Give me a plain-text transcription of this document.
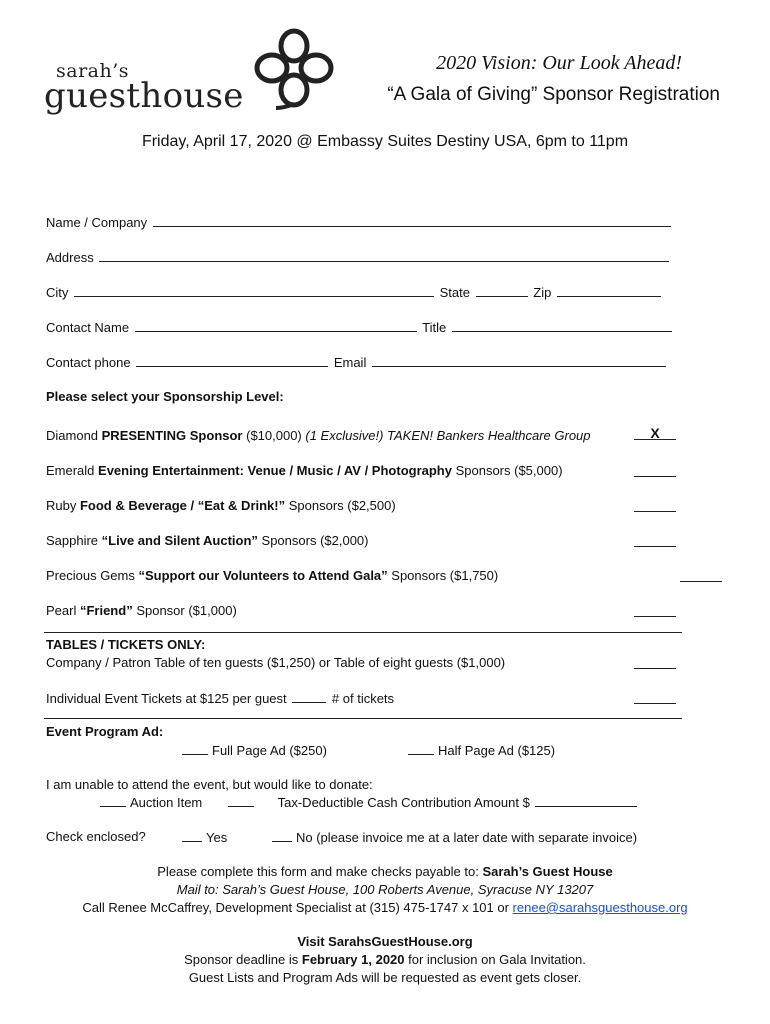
sarah’s
guesthouse
2020 Vision: Our Look Ahead!
“A Gala of Giving” Sponsor Registration
Friday, April 17, 2020 @ Embassy Suites Destiny USA, 6pm to 11pm
Name / Company
Address
City	State	Zip
Contact Name	Title
Contact phone	Email
Please select your Sponsorship Level:
Diamond PRESENTING Sponsor ($10,000) (1 Exclusive!) TAKEN! Bankers Healthcare Group	X
Emerald Evening Entertainment: Venue / Music / AV / Photography Sponsors ($5,000)
Ruby Food & Beverage / “Eat & Drink!” Sponsors ($2,500)
Sapphire “Live and Silent Auction” Sponsors ($2,000)
Precious Gems “Support our Volunteers to Attend Gala” Sponsors ($1,750)
Pearl “Friend” Sponsor ($1,000)
TABLES / TICKETS ONLY:
Company / Patron Table of ten guests ($1,250) or Table of eight guests ($1,000)
Individual Event Tickets at $125 per guest	# of tickets
Event Program Ad:
Full Page Ad ($250)	Half Page Ad ($125)
I am unable to attend the event, but would like to donate:
Auction Item	Tax-Deductible Cash Contribution Amount $
Check enclosed?	Yes	No (please invoice me at a later date with separate invoice)
Please complete this form and make checks payable to: Sarah’s Guest House
Mail to: Sarah’s Guest House, 100 Roberts Avenue, Syracuse NY 13207
Call Renee McCaffrey, Development Specialist at (315) 475-1747 x 101 or renee@sarahsguesthouse.org
Visit SarahsGuestHouse.org
Sponsor deadline is February 1, 2020 for inclusion on Gala Invitation.
Guest Lists and Program Ads will be requested as event gets closer.
